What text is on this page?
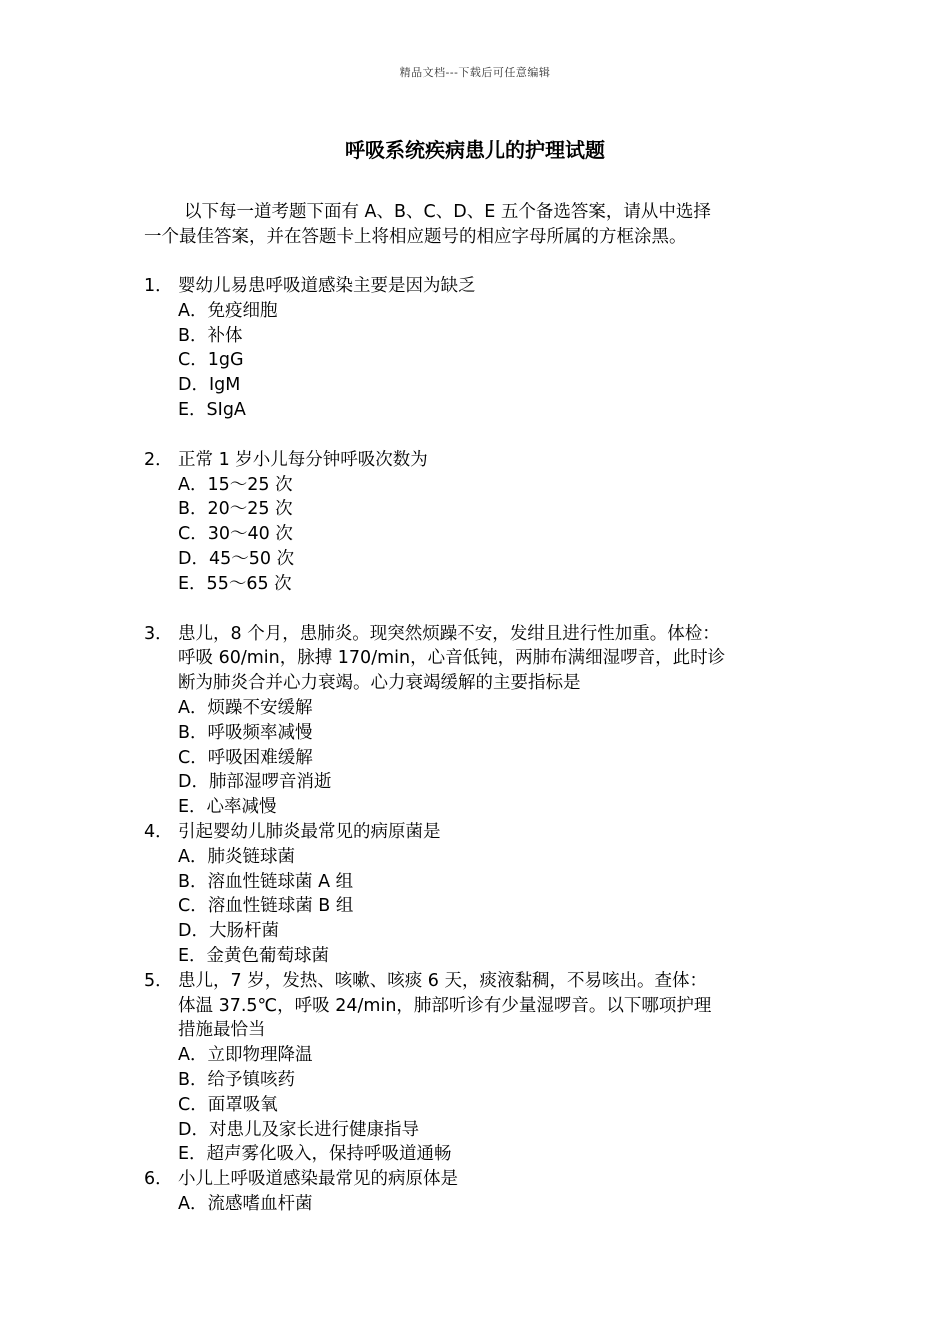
精品文档---下载后可任意编辑
呼吸系统疾病患儿的护理试题
以下每一道考题下面有 A、B、C、D、E 五个备选答案，请从中选择
一个最佳答案，并在答题卡上将相应题号的相应字母所属的方框涂黑。
1． 婴幼儿易患呼吸道感染主要是因为缺乏
A．免疫细胞
B．补体
C．1gG
D．IgM
E．SIgA
2． 正常 1 岁小儿每分钟呼吸次数为
A．15～25 次
B．20～25 次
C．30～40 次
D．45～50 次
E．55～65 次
3． 患儿，8 个月，患肺炎。现突然烦躁不安，发绀且进行性加重。体检：
呼吸 60/min，脉搏 170/min，心音低钝，两肺布满细湿啰音，此时诊
断为肺炎合并心力衰竭。心力衰竭缓解的主要指标是
A．烦躁不安缓解
B．呼吸频率减慢
C．呼吸困难缓解
D．肺部湿啰音消逝
E．心率减慢
4． 引起婴幼儿肺炎最常见的病原菌是
A．肺炎链球菌
B．溶血性链球菌 A 组
C．溶血性链球菌 B 组
D．大肠杆菌
E．金黄色葡萄球菌
5． 患儿，7 岁，发热、咳嗽、咳痰 6 天，痰液黏稠，不易咳出。查体：
体温 37.5℃，呼吸 24/min，肺部听诊有少量湿啰音。以下哪项护理
措施最恰当
A．立即物理降温
B．给予镇咳药
C．面罩吸氧
D．对患儿及家长进行健康指导
E．超声雾化吸入，保持呼吸道通畅
6． 小儿上呼吸道感染最常见的病原体是
A．流感嗜血杆菌
